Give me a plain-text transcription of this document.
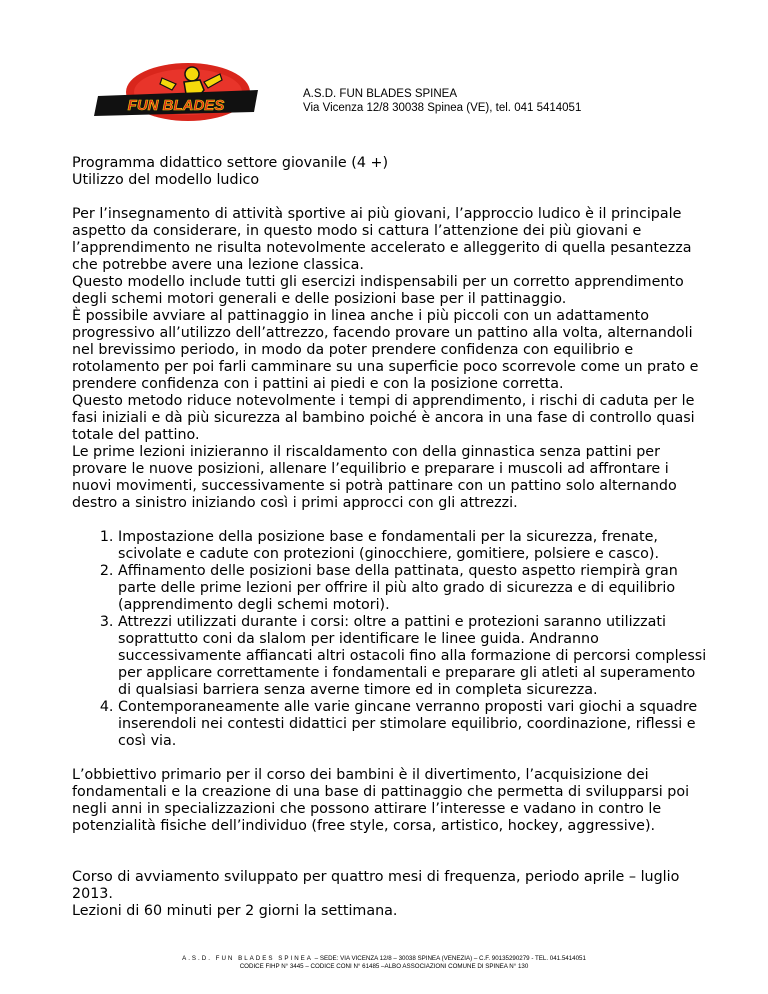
FUN BLADES
A.S.D. FUN BLADES SPINEA
Via Vicenza 12/8 30038 Spinea (VE), tel. 041 5414051

Programma didattico settore giovanile (4 +)
Utilizzo del modello ludico

Per l’insegnamento di attività sportive ai più giovani, l’approccio ludico è il principale aspetto da considerare, in questo modo si cattura l’attenzione dei più giovani e l’apprendimento ne risulta notevolmente accelerato e alleggerito di quella pesantezza che potrebbe avere una lezione classica.

Questo modello include tutti gli esercizi indispensabili per un corretto apprendimento degli schemi motori generali e delle posizioni base per il pattinaggio.

È possibile avviare al pattinaggio in linea anche i più piccoli con un adattamento progressivo all’utilizzo dell’attrezzo, facendo provare un pattino alla volta, alternandoli nel brevissimo periodo, in modo da poter prendere confidenza con equilibrio e rotolamento per poi farli camminare su una superficie poco scorrevole come un prato e prendere confidenza con i pattini ai piedi e con la posizione corretta.

Questo metodo riduce notevolmente i tempi di apprendimento, i rischi di caduta per le fasi iniziali e dà più sicurezza al bambino poiché è ancora in una fase di controllo quasi totale del pattino.

Le prime lezioni inizieranno il riscaldamento con della ginnastica senza pattini per provare le nuove posizioni, allenare l’equilibrio e preparare i muscoli ad affrontare i nuovi movimenti, successivamente si potrà pattinare con un pattino solo alternando destro a sinistro iniziando così i primi approcci con gli attrezzi.

1. Impostazione della posizione base e fondamentali per la sicurezza, frenate, scivolate e cadute con protezioni (ginocchiere, gomitiere, polsiere e casco).
2. Affinamento delle posizioni base della pattinata, questo aspetto riempirà gran parte delle prime lezioni per offrire il più alto grado di sicurezza e di equilibrio (apprendimento degli schemi motori).
3. Attrezzi utilizzati durante i corsi: oltre a pattini e protezioni saranno utilizzati soprattutto coni da slalom per identificare le linee guida. Andranno successivamente affiancati altri ostacoli fino alla formazione di percorsi complessi per applicare correttamente i fondamentali e preparare gli atleti al superamento di qualsiasi barriera senza averne timore ed in completa sicurezza.
4. Contemporaneamente alle varie gincane verranno proposti vari giochi a squadre inserendoli nei contesti didattici per stimolare equilibrio, coordinazione, riflessi e così via.

L’obbiettivo primario per il corso dei bambini è il divertimento, l’acquisizione dei fondamentali e la creazione di una base di pattinaggio che permetta di svilupparsi poi negli anni in specializzazioni che possono attirare l’interesse e vadano in contro le potenzialità fisiche dell’individuo (free style, corsa, artistico, hockey, aggressive).

Corso di avviamento sviluppato per quattro mesi di frequenza, periodo aprile – luglio 2013.
Lezioni di 60 minuti per 2 giorni la settimana.

A.S.D. FUN BLADES SPINEA – SEDE: VIA VICENZA 12/8 – 30038 SPINEA (VENEZIA) – C.F. 90135290279 - TEL. 041.5414051
CODICE FIHP N° 3445 – CODICE CONI N° 61485 –ALBO ASSOCIAZIONI COMUNE DI SPINEA N° 130
